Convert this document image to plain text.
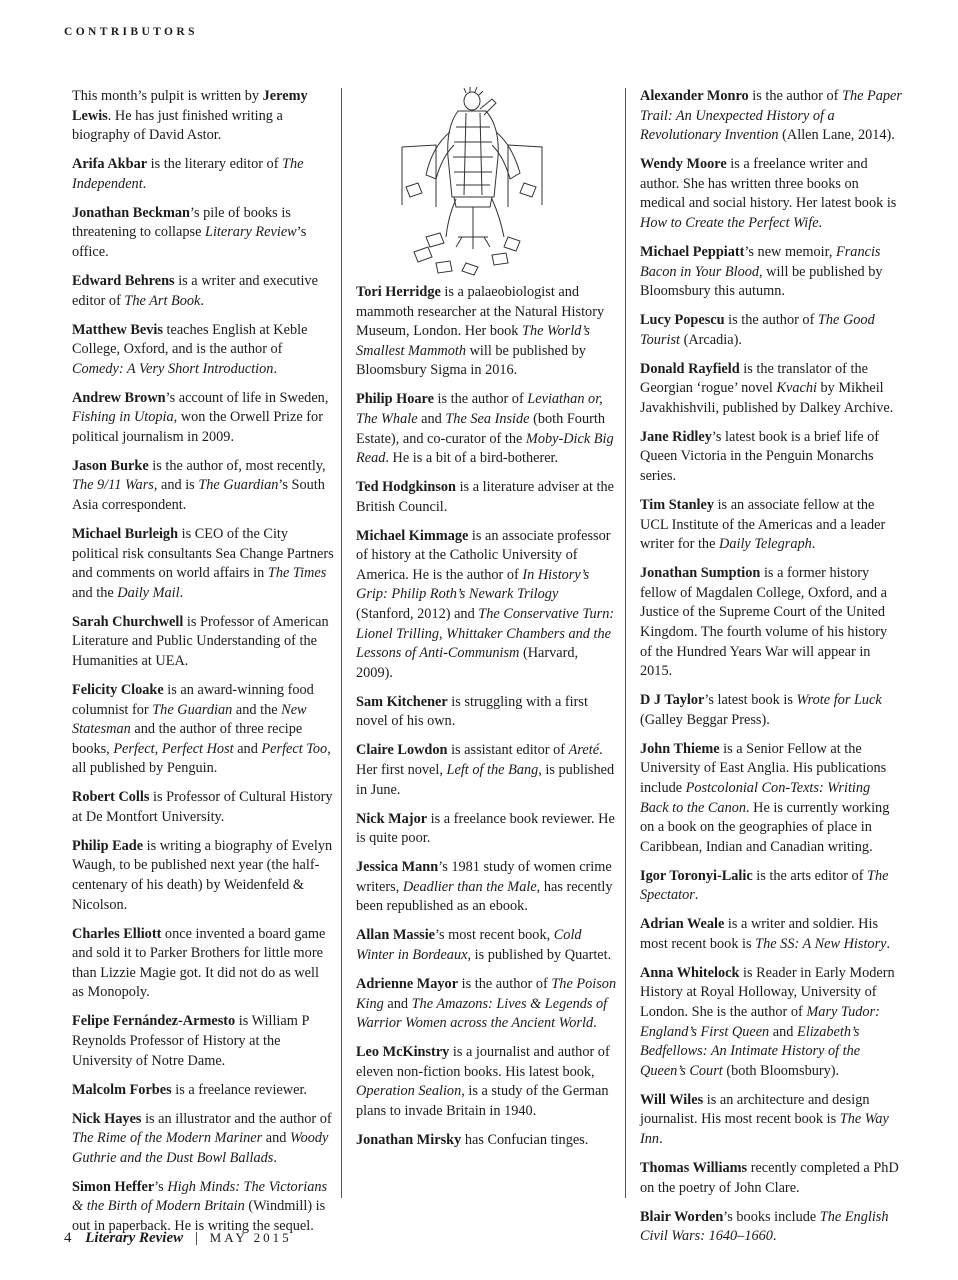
CONTRIBUTORS

This month’s pulpit is written by Jeremy Lewis. He has just finished writing a biography of David Astor.

Arifa Akbar is the literary editor of The Independent.

Jonathan Beckman’s pile of books is threatening to collapse Literary Review’s office.

Edward Behrens is a writer and executive editor of The Art Book.

Matthew Bevis teaches English at Keble College, Oxford, and is the author of Comedy: A Very Short Introduction.

Andrew Brown’s account of life in Sweden, Fishing in Utopia, won the Orwell Prize for political journalism in 2009.

Jason Burke is the author of, most recently, The 9/11 Wars, and is The Guardian’s South Asia correspondent.

Michael Burleigh is CEO of the City political risk consultants Sea Change Partners and comments on world affairs in The Times and the Daily Mail.

Sarah Churchwell is Professor of American Literature and Public Understanding of the Humanities at UEA.

Felicity Cloake is an award-winning food columnist for The Guardian and the New Statesman and the author of three recipe books, Perfect, Perfect Host and Perfect Too, all published by Penguin.

Robert Colls is Professor of Cultural History at De Montfort University.

Philip Eade is writing a biography of Evelyn Waugh, to be published next year (the half-centenary of his death) by Weidenfeld & Nicolson.

Charles Elliott once invented a board game and sold it to Parker Brothers for little more than Lizzie Magie got. It did not do as well as Monopoly.

Felipe Fernández-Armesto is William P Reynolds Professor of History at the University of Notre Dame.

Malcolm Forbes is a freelance reviewer.

Nick Hayes is an illustrator and the author of The Rime of the Modern Mariner and Woody Guthrie and the Dust Bowl Ballads.

Simon Heffer’s High Minds: The Victorians & the Birth of Modern Britain (Windmill) is out in paperback. He is writing the sequel.

Tori Herridge is a palaeobiologist and mammoth researcher at the Natural History Museum, London. Her book The World’s Smallest Mammoth will be published by Bloomsbury Sigma in 2016.

Philip Hoare is the author of Leviathan or, The Whale and The Sea Inside (both Fourth Estate), and co-curator of the Moby-Dick Big Read. He is a bit of a bird-botherer.

Ted Hodgkinson is a literature adviser at the British Council.

Michael Kimmage is an associate professor of history at the Catholic University of America. He is the author of In History’s Grip: Philip Roth’s Newark Trilogy (Stanford, 2012) and The Conservative Turn: Lionel Trilling, Whittaker Chambers and the Lessons of Anti-Communism (Harvard, 2009).

Sam Kitchener is struggling with a first novel of his own.

Claire Lowdon is assistant editor of Areté. Her first novel, Left of the Bang, is published in June.

Nick Major is a freelance book reviewer. He is quite poor.

Jessica Mann’s 1981 study of women crime writers, Deadlier than the Male, has recently been republished as an ebook.

Allan Massie’s most recent book, Cold Winter in Bordeaux, is published by Quartet.

Adrienne Mayor is the author of The Poison King and The Amazons: Lives & Legends of Warrior Women across the Ancient World.

Leo McKinstry is a journalist and author of eleven non-fiction books. His latest book, Operation Sealion, is a study of the German plans to invade Britain in 1940.

Jonathan Mirsky has Confucian tinges.

Alexander Monro is the author of The Paper Trail: An Unexpected History of a Revolutionary Invention (Allen Lane, 2014).

Wendy Moore is a freelance writer and author. She has written three books on medical and social history. Her latest book is How to Create the Perfect Wife.

Michael Peppiatt’s new memoir, Francis Bacon in Your Blood, will be published by Bloomsbury this autumn.

Lucy Popescu is the author of The Good Tourist (Arcadia).

Donald Rayfield is the translator of the Georgian ‘rogue’ novel Kvachi by Mikheil Javakhishvili, published by Dalkey Archive.

Jane Ridley’s latest book is a brief life of Queen Victoria in the Penguin Monarchs series.

Tim Stanley is an associate fellow at the UCL Institute of the Americas and a leader writer for the Daily Telegraph.

Jonathan Sumption is a former history fellow of Magdalen College, Oxford, and a Justice of the Supreme Court of the United Kingdom. The fourth volume of his history of the Hundred Years War will appear in 2015.

D J Taylor’s latest book is Wrote for Luck (Galley Beggar Press).

John Thieme is a Senior Fellow at the University of East Anglia. His publications include Postcolonial Con-Texts: Writing Back to the Canon. He is currently working on a book on the geographies of place in Caribbean, Indian and Canadian writing.

Igor Toronyi-Lalic is the arts editor of The Spectator.

Adrian Weale is a writer and soldier. His most recent book is The SS: A New History.

Anna Whitelock is Reader in Early Modern History at Royal Holloway, University of London. She is the author of Mary Tudor: England’s First Queen and Elizabeth’s Bedfellows: An Intimate History of the Queen’s Court (both Bloomsbury).

Will Wiles is an architecture and design journalist. His most recent book is The Way Inn.

Thomas Williams recently completed a PhD on the poetry of John Clare.

Blair Worden’s books include The English Civil Wars: 1640–1660.

4 Literary Review | MAY 2015
